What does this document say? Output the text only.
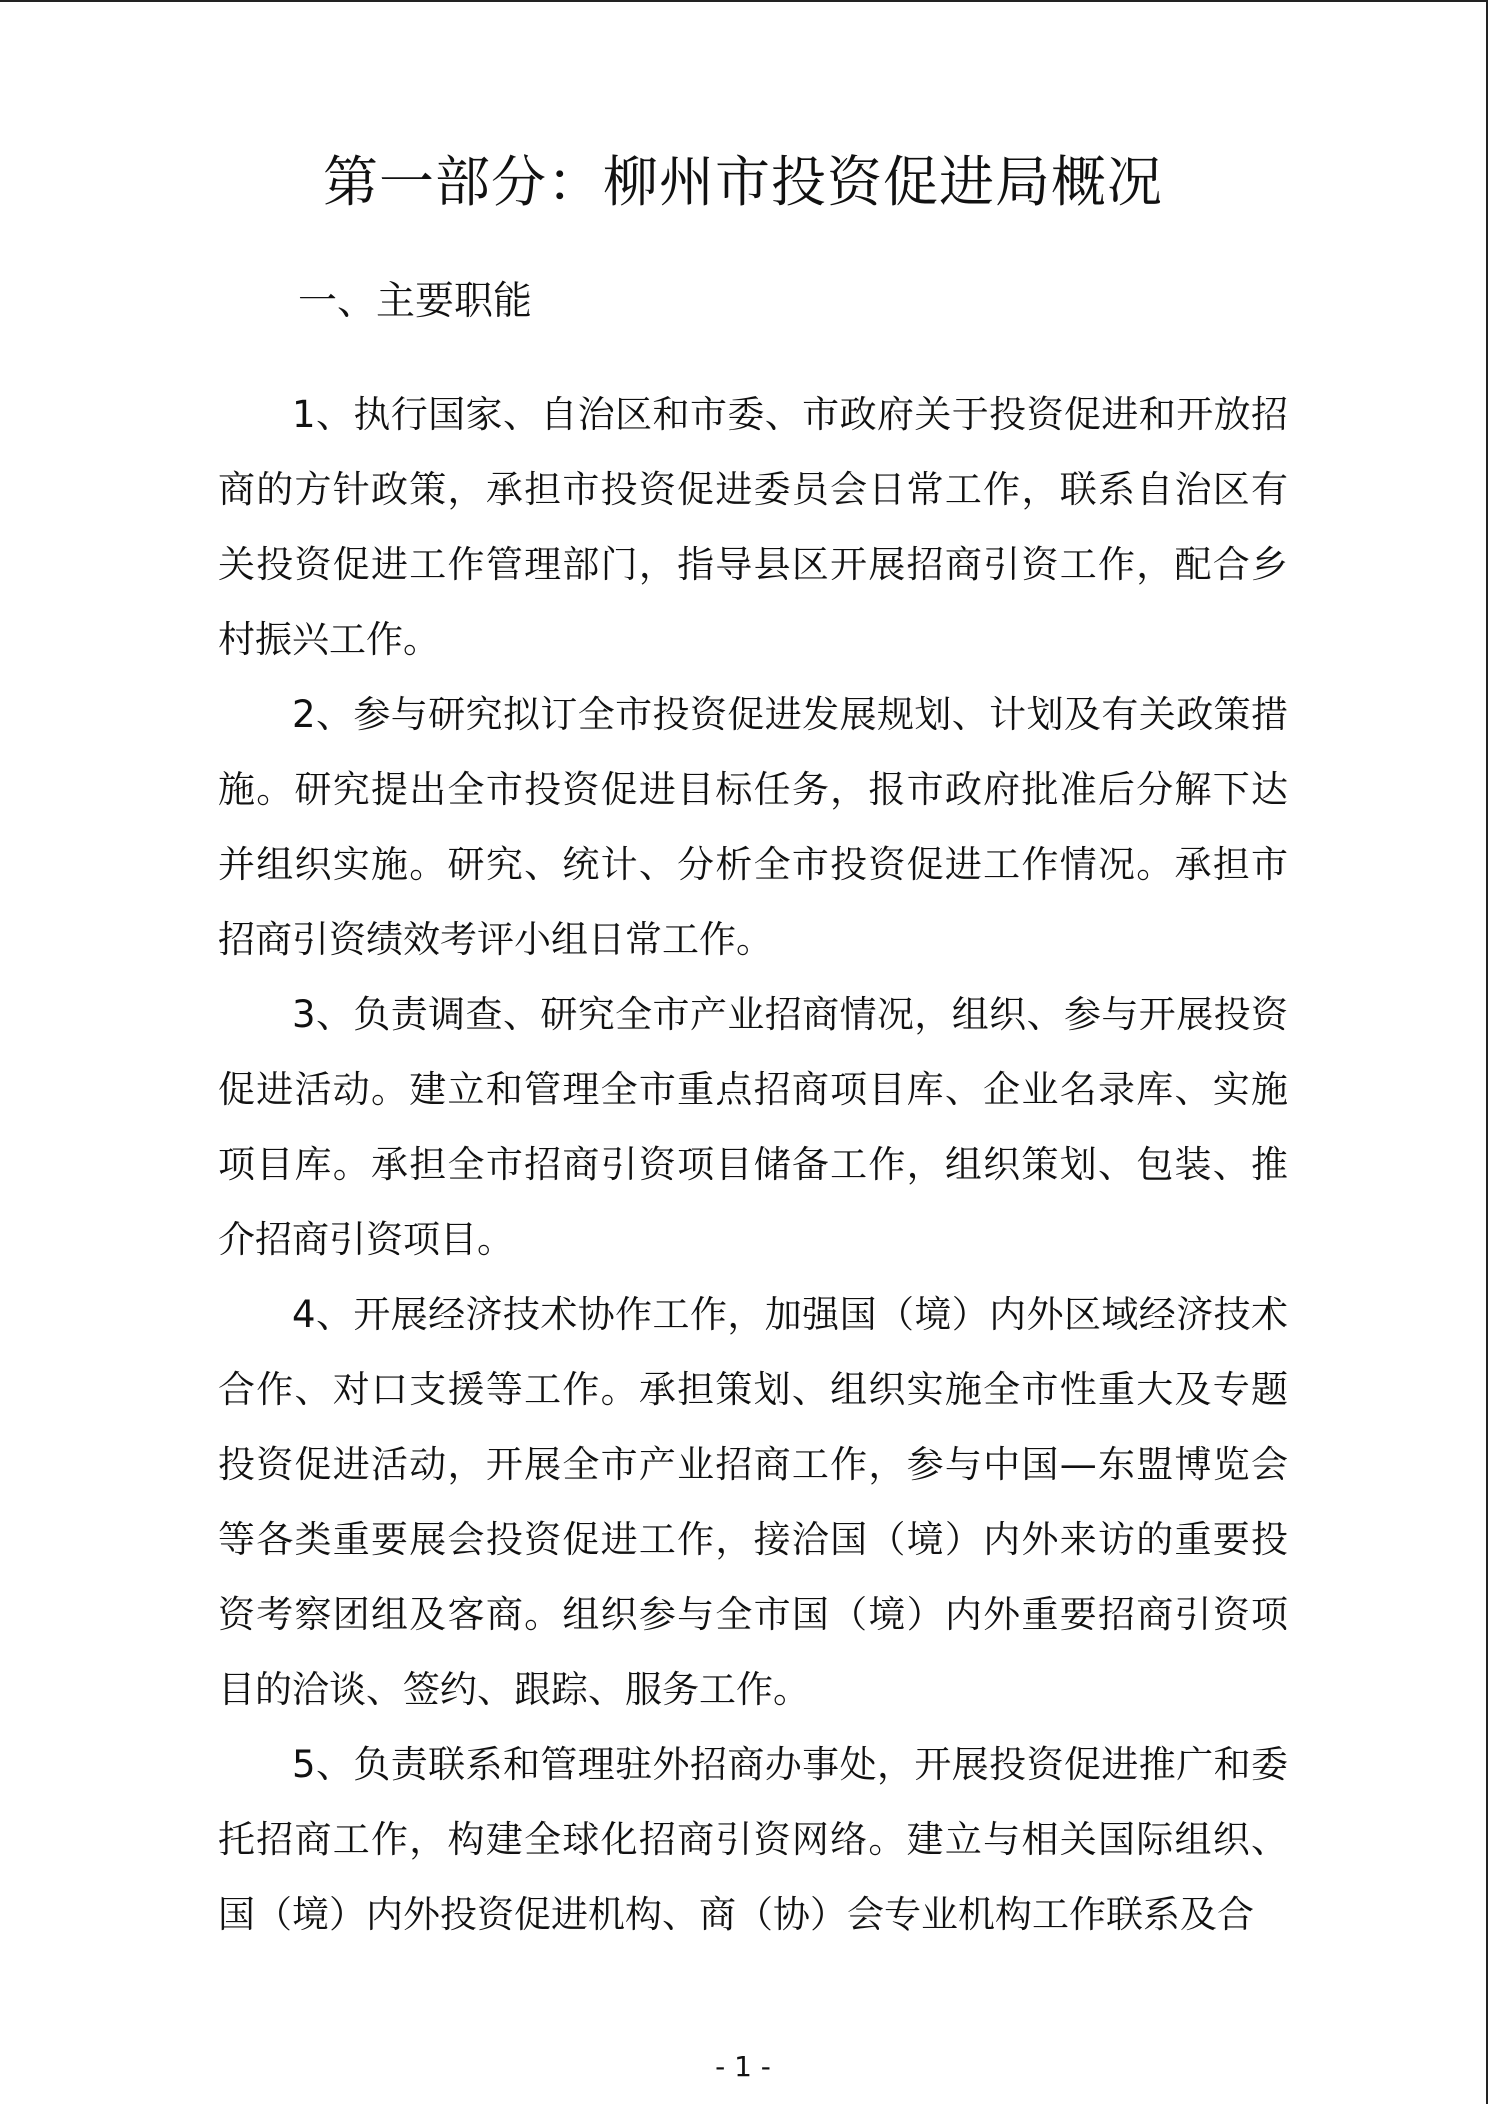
第一部分：柳州市投资促进局概况
一、主要职能

1、执行国家、自治区和市委、市政府关于投资促进和开放招商的方针政策，承担市投资促进委员会日常工作，联系自治区有关投资促进工作管理部门，指导县区开展招商引资工作，配合乡村振兴工作。

2、参与研究拟订全市投资促进发展规划、计划及有关政策措施。研究提出全市投资促进目标任务，报市政府批准后分解下达并组织实施。研究、统计、分析全市投资促进工作情况。承担市招商引资绩效考评小组日常工作。

3、负责调查、研究全市产业招商情况，组织、参与开展投资促进活动。建立和管理全市重点招商项目库、企业名录库、实施项目库。承担全市招商引资项目储备工作，组织策划、包装、推介招商引资项目。

4、开展经济技术协作工作，加强国（境）内外区域经济技术合作、对口支援等工作。承担策划、组织实施全市性重大及专题投资促进活动，开展全市产业招商工作，参与中国—东盟博览会等各类重要展会投资促进工作，接洽国（境）内外来访的重要投资考察团组及客商。组织参与全市国（境）内外重要招商引资项目的洽谈、签约、跟踪、服务工作。

5、负责联系和管理驻外招商办事处，开展投资促进推广和委托招商工作，构建全球化招商引资网络。建立与相关国际组织、国（境）内外投资促进机构、商（协）会专业机构工作联系及合

- 1 -
